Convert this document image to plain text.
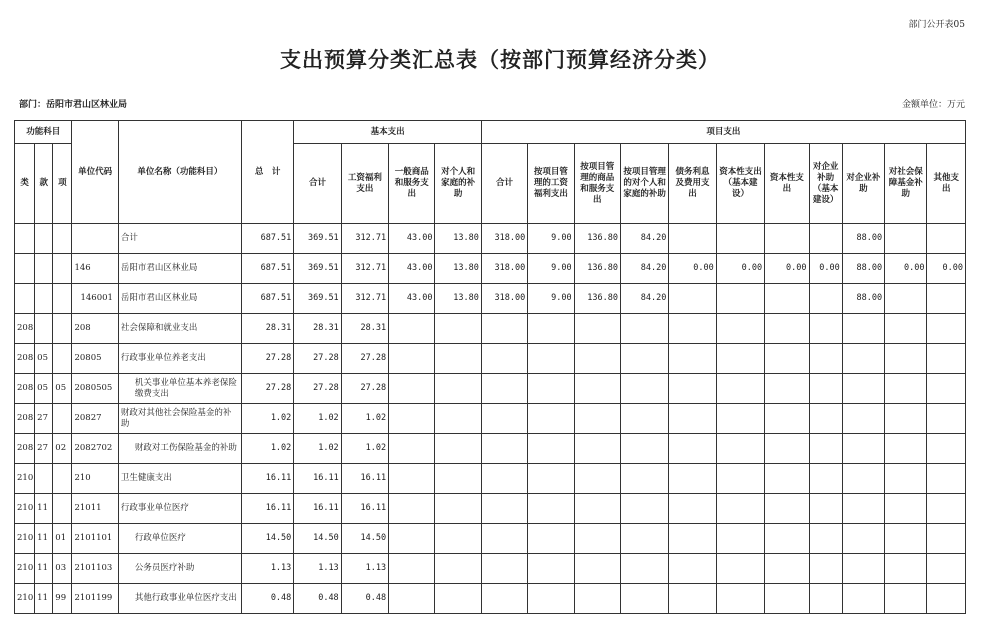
部门公开表05
支出预算分类汇总表（按部门预算经济分类）
部门：岳阳市君山区林业局	金额单位：万元
功能科目			单位代码	单位名称（功能科目）	总　计	基本支出				项目支出										
类	款	项				合计	工资福利支出	一般商品和服务支出	对个人和家庭的补助	合计	按项目管理的工资福利支出	按项目管理的商品和服务支出	按项目管理的对个人和家庭的补助	债务利息及费用支出	资本性支出（基本建设）	资本性支出	对企业补助（基本建设）	对企业补助	对社会保障基金补助	其他支出
				合计	687.51	369.51	312.71	43.00	13.80	318.00	9.00	136.80	84.20					88.00		
			146	岳阳市君山区林业局	687.51	369.51	312.71	43.00	13.80	318.00	9.00	136.80	84.20	0.00	0.00	0.00	0.00	88.00	0.00	0.00
			146001	岳阳市君山区林业局	687.51	369.51	312.71	43.00	13.80	318.00	9.00	136.80	84.20					88.00		
208			208	社会保障和就业支出	28.31	28.31	28.31													
208	05		20805	行政事业单位养老支出	27.28	27.28	27.28													
208	05	05	2080505	机关事业单位基本养老保险缴费支出	27.28	27.28	27.28													
208	27		20827	财政对其他社会保险基金的补助	1.02	1.02	1.02													
208	27	02	2082702	财政对工伤保险基金的补助	1.02	1.02	1.02													
210			210	卫生健康支出	16.11	16.11	16.11													
210	11		21011	行政事业单位医疗	16.11	16.11	16.11													
210	11	01	2101101	行政单位医疗	14.50	14.50	14.50													
210	11	03	2101103	公务员医疗补助	1.13	1.13	1.13													
210	11	99	2101199	其他行政事业单位医疗支出	0.48	0.48	0.48													
